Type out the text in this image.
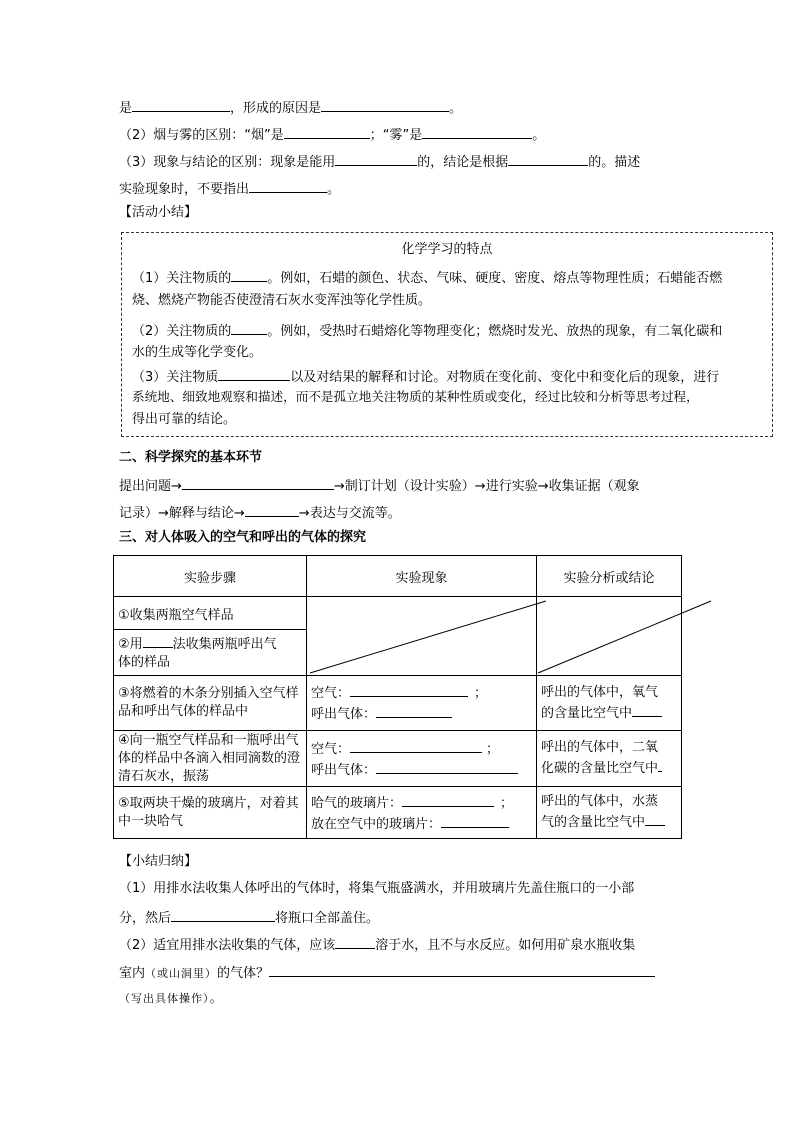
是	，形成的原因是	。
（2）烟与雾的区别：“烟”是	；“雾”是	。
（3）现象与结论的区别：现象是能用	的，结论是根据	的。描述
实验现象时，不要指出	。
【活动小结】
化学学习的特点
（1）关注物质的	。例如，石蜡的颜色、状态、气味、硬度、密度、熔点等物理性质；石蜡能否燃
烧、燃烧产物能否使澄清石灰水变浑浊等化学性质。
（2）关注物质的	。例如，受热时石蜡熔化等物理变化；燃烧时发光、放热的现象，有二氧化碳和
水的生成等化学变化。
（3）关注物质	以及对结果的解释和讨论。对物质在变化前、变化中和变化后的现象，进行
系统地、细致地观察和描述，而不是孤立地关注物质的某种性质或变化，经过比较和分析等思考过程，
得出可靠的结论。
二、科学探究的基本环节
提出问题→	→制订计划（设计实验）→进行实验→收集证据（观象
记录）→解释与结论→	→表达与交流等。
三、对人体吸入的空气和呼出的气体的探究
实验步骤	实验现象	实验分析或结论
①收集两瓶空气样品		
②用 法收集两瓶呼出气
体的样品		
③将燃着的木条分别插入空气样品和呼出气体的样品中	空气： ；
呼出气体：	呼出的气体中，氧气
的含量比空气中
④向一瓶空气样品和一瓶呼出气体的样品中各滴入相同滴数的澄清石灰水，振荡	空气： ；
呼出气体：	呼出的气体中，二氧
化碳的含量比空气中
⑤取两块干燥的玻璃片，对着其中一块哈气	哈气的玻璃片： ；
放在空气中的玻璃片：	呼出的气体中，水蒸
气的含量比空气中
【小结归纳】
（1）用排水法收集人体呼出的气体时，将集气瓶盛满水，并用玻璃片先盖住瓶口的一小部
分，然后	将瓶口全部盖住。
（2）适宜用排水法收集的气体，应该	溶于水，且不与水反应。如何用矿泉水瓶收集
室内（或山洞里）的气体？
（写出具体操作）。
